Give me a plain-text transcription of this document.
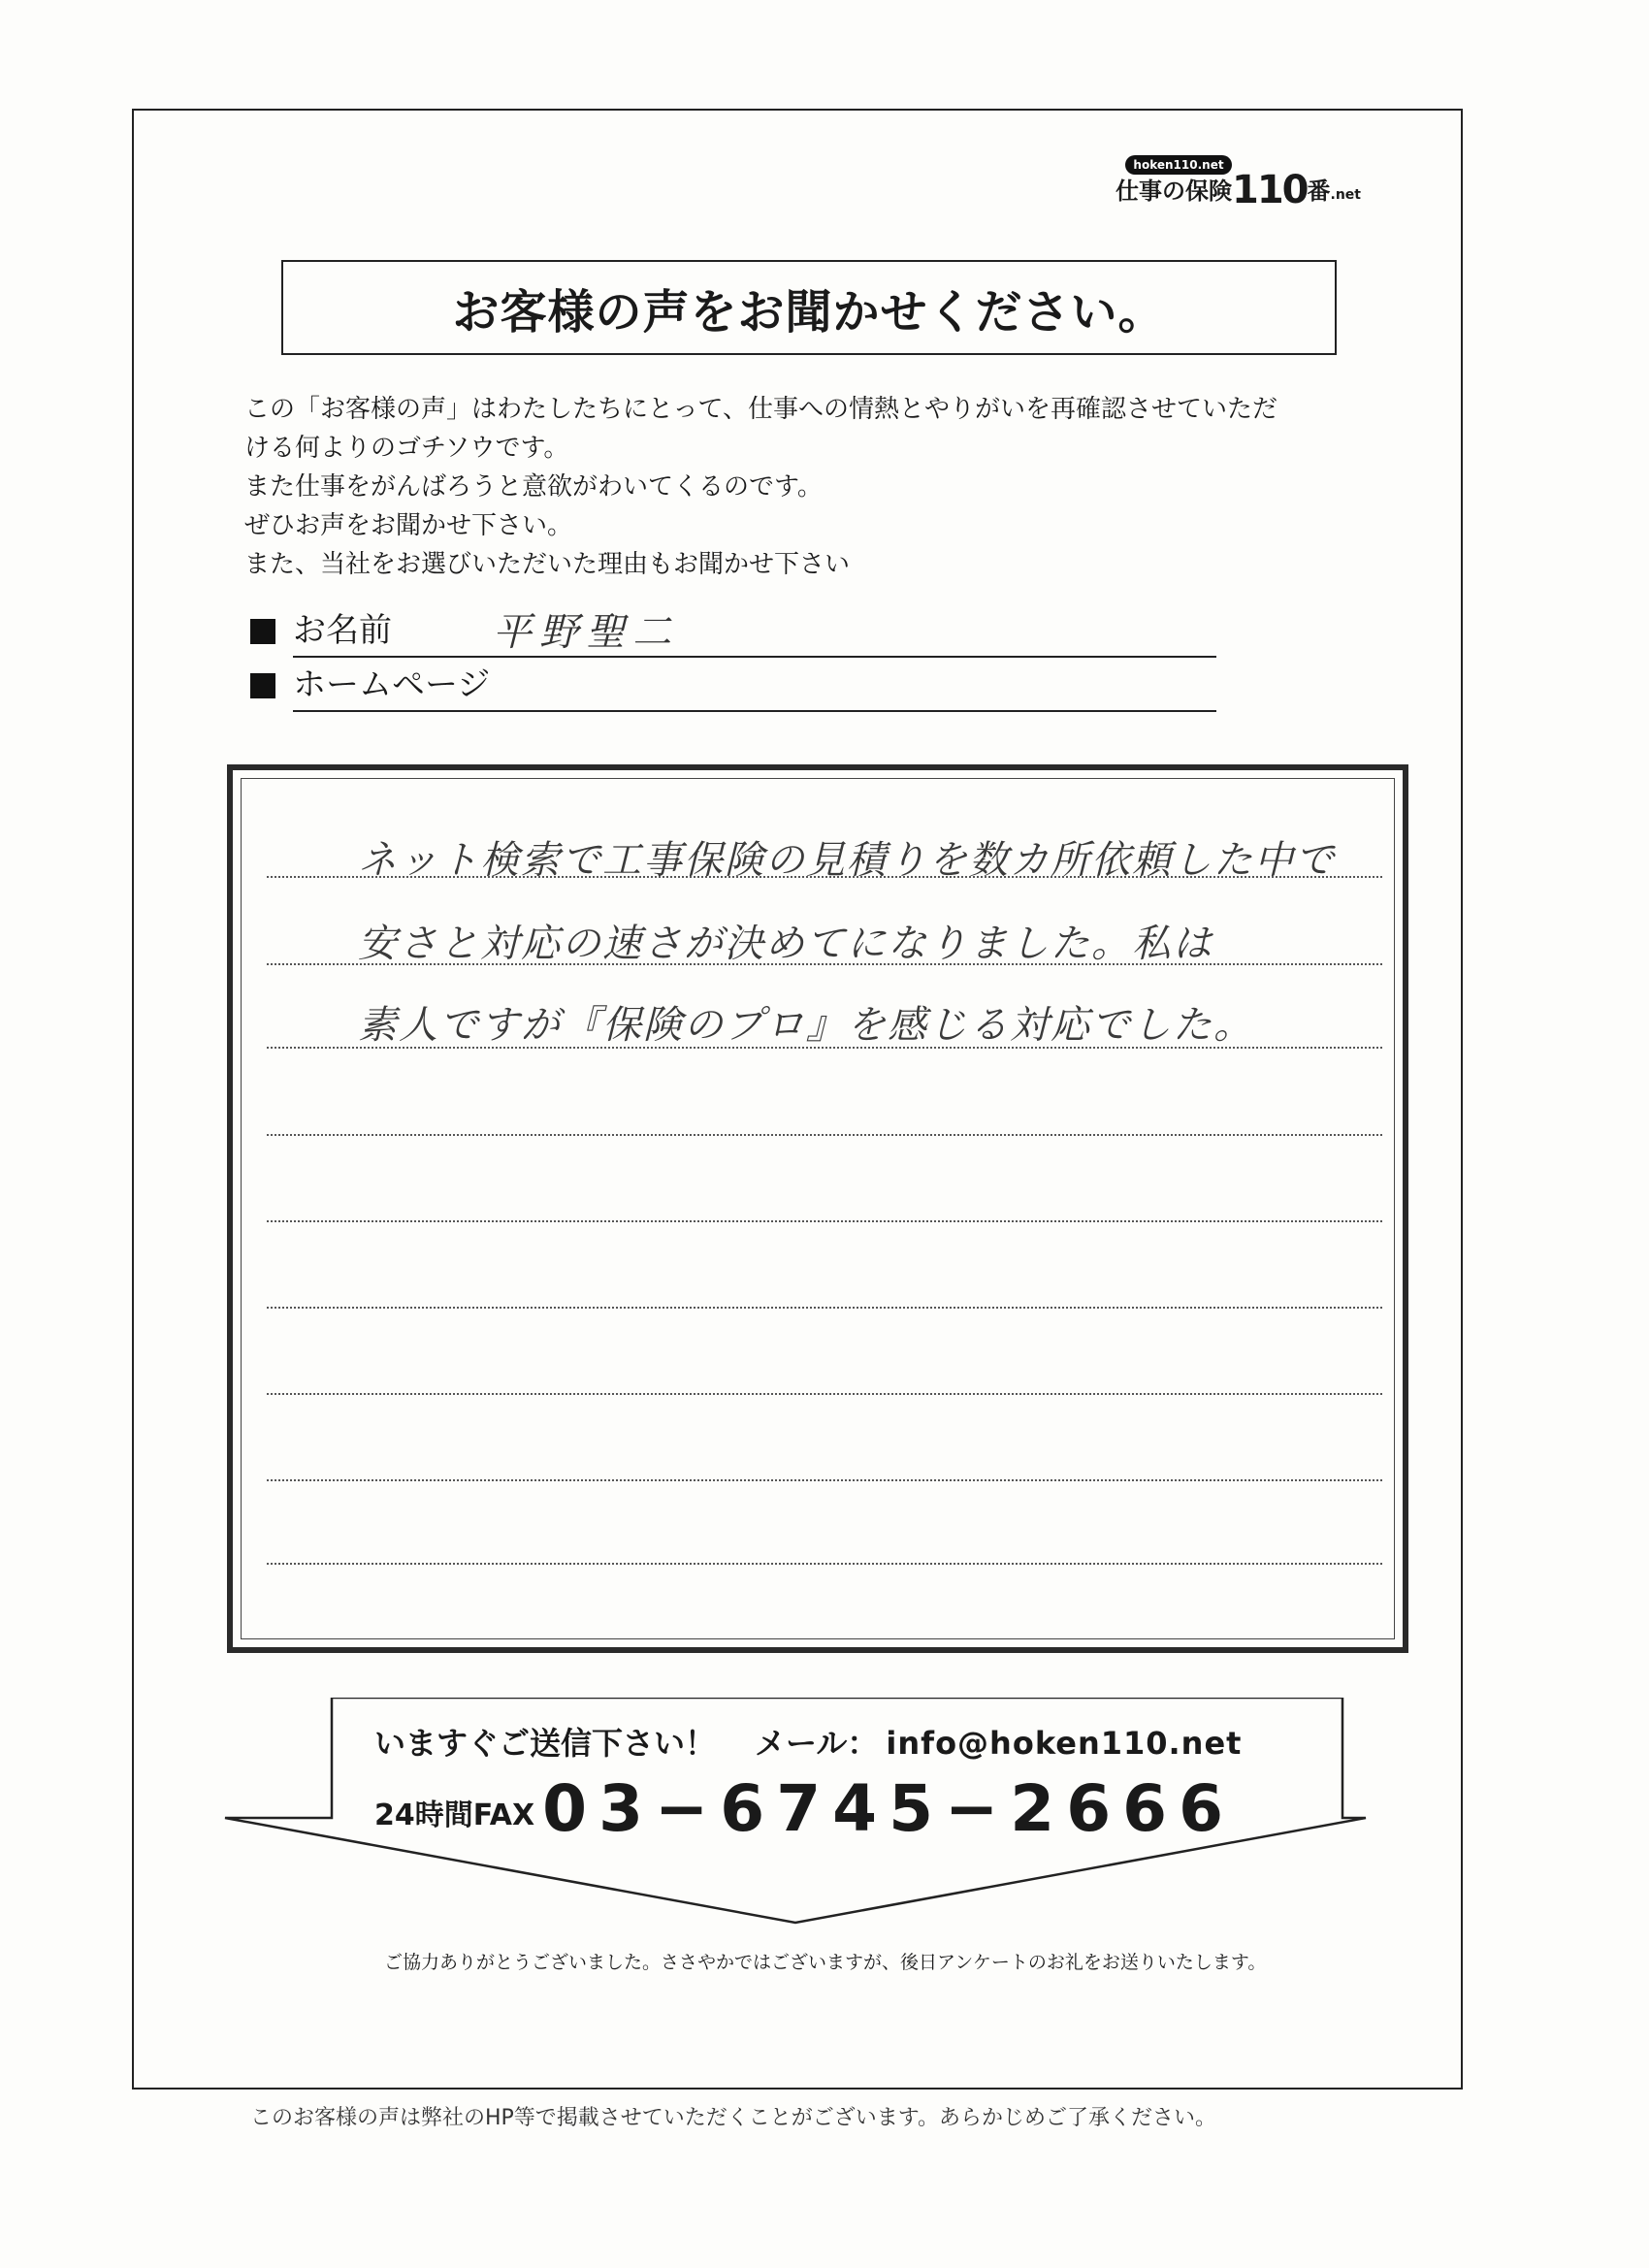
hoken110.net
仕事の保険110番.net
お客様の声をお聞かせください。
この「お客様の声」はわたしたちにとって、仕事への情熱とやりがいを再確認させていただ
ける何よりのゴチソウです。
また仕事をがんばろうと意欲がわいてくるのです。
ぜひお声をお聞かせ下さい。
また、当社をお選びいただいた理由もお聞かせ下さい
お名前	平野聖二
ホームページ
ネット検索で工事保険の見積りを数カ所依頼した中で
安さと対応の速さが決めてになりました。私は
素人ですが『保険のプロ』を感じる対応でした。
いますぐご送信下さい！ メール： info@hoken110.net
24時間FAX 03−6745−2666
ご協力ありがとうございました。ささやかではございますが、後日アンケートのお礼をお送りいたします。
このお客様の声は弊社のHP等で掲載させていただくことがございます。あらかじめご了承ください。
